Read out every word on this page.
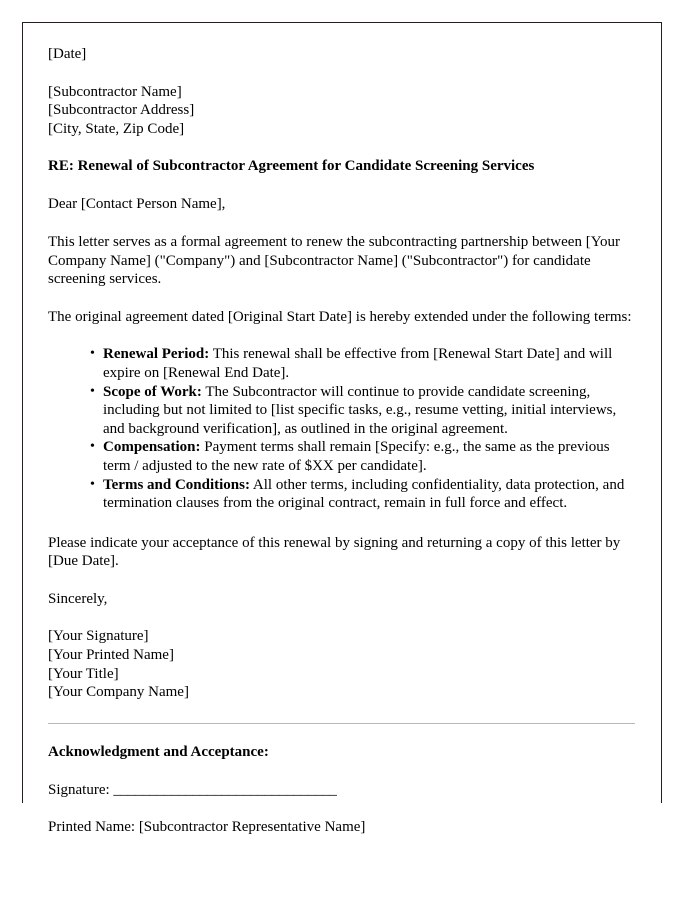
[Date]
[Subcontractor Name]
[Subcontractor Address]
[City, State, Zip Code]
RE: Renewal of Subcontractor Agreement for Candidate Screening Services
Dear [Contact Person Name],
This letter serves as a formal agreement to renew the subcontracting partnership between [Your Company Name] ("Company") and [Subcontractor Name] ("Subcontractor") for candidate screening services.
The original agreement dated [Original Start Date] is hereby extended under the following terms:
• Renewal Period: This renewal shall be effective from [Renewal Start Date] and will expire on [Renewal End Date].
• Scope of Work: The Subcontractor will continue to provide candidate screening, including but not limited to [list specific tasks, e.g., resume vetting, initial interviews, and background verification], as outlined in the original agreement.
• Compensation: Payment terms shall remain [Specify: e.g., the same as the previous term / adjusted to the new rate of $XX per candidate].
• Terms and Conditions: All other terms, including confidentiality, data protection, and termination clauses from the original contract, remain in full force and effect.
Please indicate your acceptance of this renewal by signing and returning a copy of this letter by [Due Date].
Sincerely,
[Your Signature]
[Your Printed Name]
[Your Title]
[Your Company Name]
Acknowledgment and Acceptance:
Signature: _______________________________
Printed Name: [Subcontractor Representative Name]
